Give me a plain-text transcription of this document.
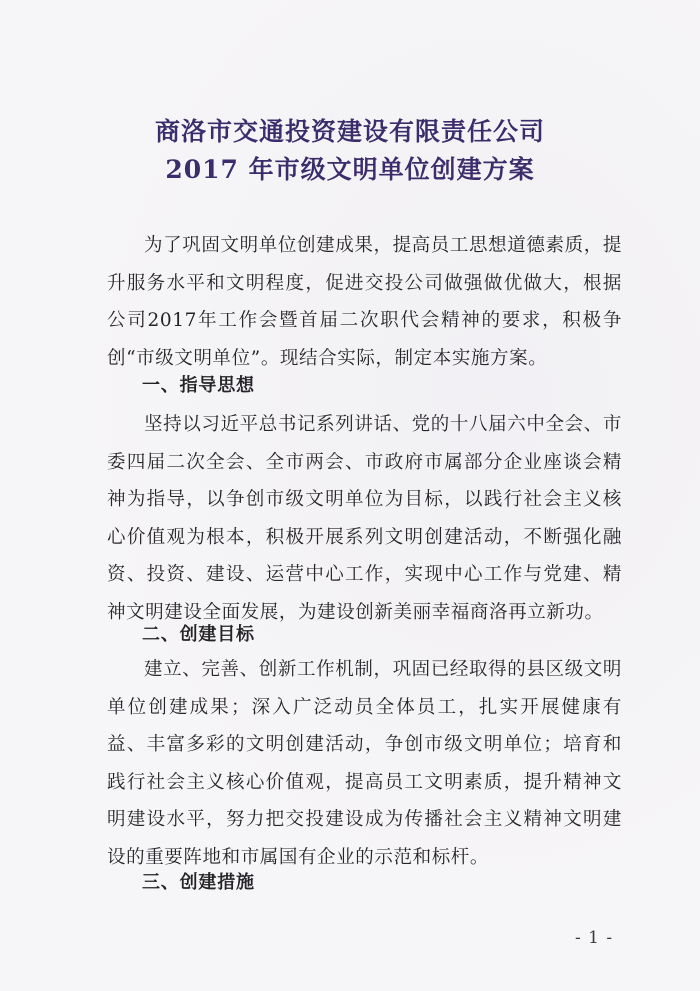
商洛市交通投资建设有限责任公司
2017 年市级文明单位创建方案

为了巩固文明单位创建成果，提高员工思想道德素质，提升服务水平和文明程度，促进交投公司做强做优做大，根据公司2017年工作会暨首届二次职代会精神的要求，积极争创“市级文明单位”。现结合实际，制定本实施方案。

一、指导思想

坚持以习近平总书记系列讲话、党的十八届六中全会、市委四届二次全会、全市两会、市政府市属部分企业座谈会精神为指导，以争创市级文明单位为目标，以践行社会主义核心价值观为根本，积极开展系列文明创建活动，不断强化融资、投资、建设、运营中心工作，实现中心工作与党建、精神文明建设全面发展，为建设创新美丽幸福商洛再立新功。

二、创建目标

建立、完善、创新工作机制，巩固已经取得的县区级文明单位创建成果；深入广泛动员全体员工，扎实开展健康有益、丰富多彩的文明创建活动，争创市级文明单位；培育和践行社会主义核心价值观，提高员工文明素质，提升精神文明建设水平，努力把交投建设成为传播社会主义精神文明建设的重要阵地和市属国有企业的示范和标杆。

三、创建措施
- 1 -
